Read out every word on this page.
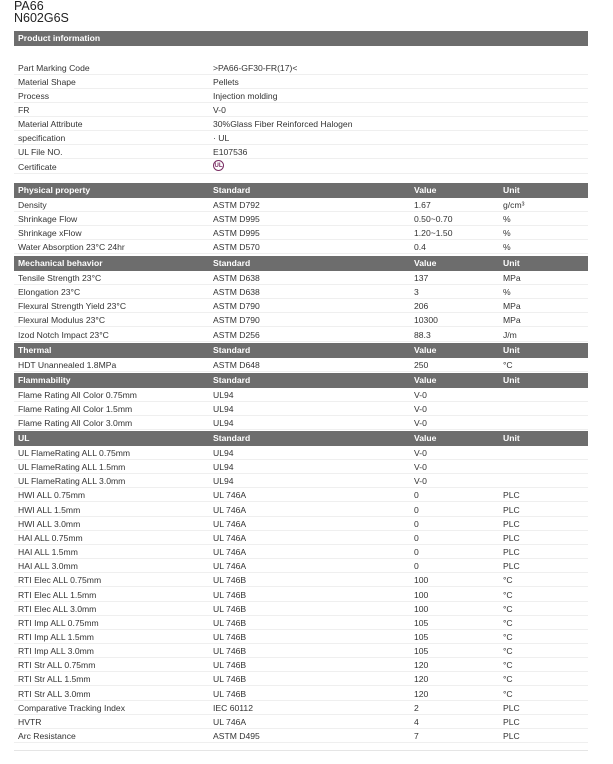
PA66
N602G6S
Product information
Part Marking Code	>PA66-GF30-FR(17)<
Material Shape	Pellets
Process	Injection molding
FR	V-0
Material Attribute	30%Glass Fiber Reinforced Halogen
specification	· UL
UL File NO.	E107536
Certificate	UL
Physical property	Standard	Value	Unit
Density	ASTM D792	1.67	g/cm³
Shrinkage Flow	ASTM D995	0.50~0.70	%
Shrinkage xFlow	ASTM D995	1.20~1.50	%
Water Absorption 23°C 24hr	ASTM D570	0.4	%
Mechanical behavior	Standard	Value	Unit
Tensile Strength 23°C	ASTM D638	137	MPa
Elongation 23°C	ASTM D638	3	%
Flexural Strength Yield 23°C	ASTM D790	206	MPa
Flexural Modulus 23°C	ASTM D790	10300	MPa
Izod Notch Impact 23°C	ASTM D256	88.3	J/m
Thermal	Standard	Value	Unit
HDT Unannealed 1.8MPa	ASTM D648	250	°C
Flammability	Standard	Value	Unit
Flame Rating All Color 0.75mm	UL94	V-0
Flame Rating All Color 1.5mm	UL94	V-0
Flame Rating All Color 3.0mm	UL94	V-0
UL	Standard	Value	Unit
UL FlameRating ALL 0.75mm	UL94	V-0
UL FlameRating ALL 1.5mm	UL94	V-0
UL FlameRating ALL 3.0mm	UL94	V-0
HWI ALL 0.75mm	UL 746A	0	PLC
HWI ALL 1.5mm	UL 746A	0	PLC
HWI ALL 3.0mm	UL 746A	0	PLC
HAI ALL 0.75mm	UL 746A	0	PLC
HAI ALL 1.5mm	UL 746A	0	PLC
HAI ALL 3.0mm	UL 746A	0	PLC
RTI Elec ALL 0.75mm	UL 746B	100	°C
RTI Elec ALL 1.5mm	UL 746B	100	°C
RTI Elec ALL 3.0mm	UL 746B	100	°C
RTI Imp ALL 0.75mm	UL 746B	105	°C
RTI Imp ALL 1.5mm	UL 746B	105	°C
RTI Imp ALL 3.0mm	UL 746B	105	°C
RTI Str ALL 0.75mm	UL 746B	120	°C
RTI Str ALL 1.5mm	UL 746B	120	°C
RTI Str ALL 3.0mm	UL 746B	120	°C
Comparative Tracking Index	IEC 60112	2	PLC
HVTR	UL 746A	4	PLC
Arc Resistance	ASTM D495	7	PLC
